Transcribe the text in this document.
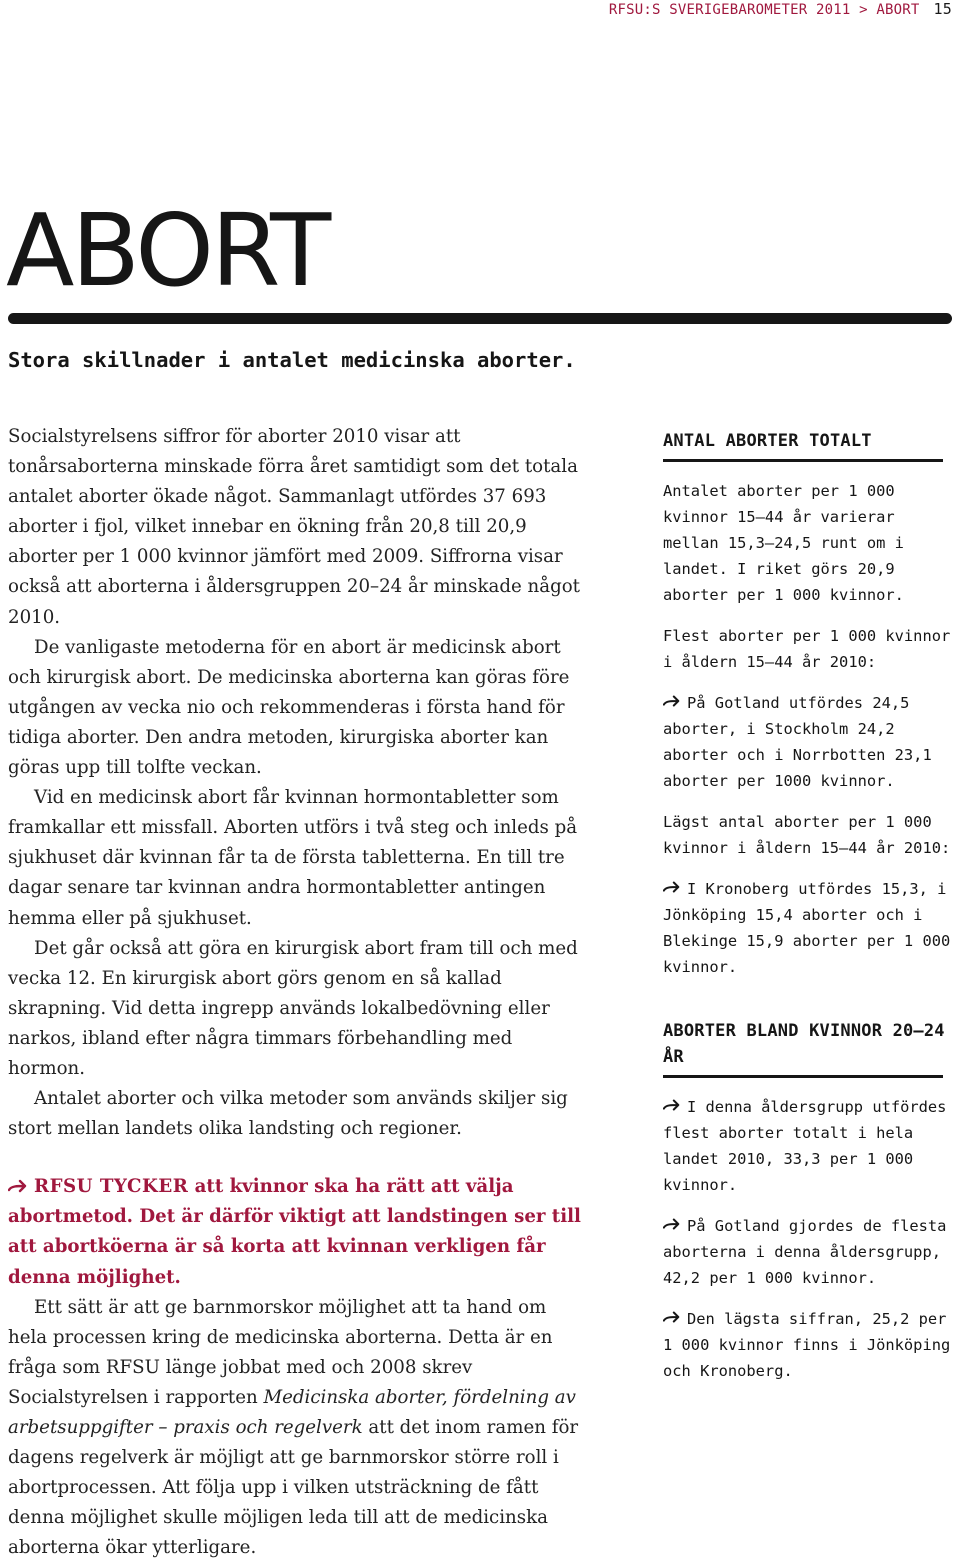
RFSU:S SVERIGEBAROMETER 2011 > ABORT 15
ABORT
Stora skillnader i antalet medicinska aborter.

Socialstyrelsens siffror för aborter 2010 visar att tonårsaborterna minskade förra året samtidigt som det totala antalet aborter ökade något. Sammanlagt utfördes 37 693 aborter i fjol, vilket innebar en ökning från 20,8 till 20,9 aborter per 1 000 kvinnor jämfört med 2009. Siffrorna visar också att aborterna i åldersgruppen 20–24 år minskade något 2010.

De vanligaste metoderna för en abort är medicinsk abort och kirurgisk abort. De medicinska aborterna kan göras före utgången av vecka nio och rekommenderas i första hand för tidiga aborter. Den andra metoden, kirurgiska aborter kan göras upp till tolfte veckan.

Vid en medicinsk abort får kvinnan hormontabletter som framkallar ett missfall. Aborten utförs i två steg och inleds på sjukhuset där kvinnan får ta de första tabletterna. En till tre dagar senare tar kvinnan andra hormontabletter antingen hemma eller på sjukhuset.

Det går också att göra en kirurgisk abort fram till och med vecka 12. En kirurgisk abort görs genom en så kallad skrapning. Vid detta ingrepp används lokalbedövning eller narkos, ibland efter några timmars förbehandling med hormon.

Antalet aborter och vilka metoder som används skiljer sig stort mellan landets olika landsting och regioner.

RFSU TYCKER att kvinnor ska ha rätt att välja abortmetod. Det är därför viktigt att landstingen ser till att abortköerna är så korta att kvinnan verkligen får denna möjlighet.

Ett sätt är att ge barnmorskor möjlighet att ta hand om hela processen kring de medicinska aborterna. Detta är en fråga som RFSU länge jobbat med och 2008 skrev Socialstyrelsen i rapporten Medicinska aborter, fördelning av arbetsuppgifter – praxis och regelverk att det inom ramen för dagens regelverk är möjligt att ge barnmorskor större roll i abortprocessen. Att följa upp i vilken utsträckning de fått denna möjlighet skulle möjligen leda till att de medicinska aborterna ökar ytterligare.

ANTAL ABORTER TOTALT

Antalet aborter per 1 000 kvinnor 15–44 år varierar mellan 15,3–24,5 runt om i landet. I riket görs 20,9 aborter per 1 000 kvinnor.

Flest aborter per 1 000 kvinnor i åldern 15–44 år 2010:

På Gotland utfördes 24,5 aborter, i Stockholm 24,2 aborter och i Norrbotten 23,1 aborter per 1000 kvinnor.

Lägst antal aborter per 1 000 kvinnor i åldern 15–44 år 2010:

I Kronoberg utfördes 15,3, i Jönköping 15,4 aborter och i Blekinge 15,9 aborter per 1 000 kvinnor.

ABORTER BLAND KVINNOR 20–24 ÅR

I denna åldersgrupp utfördes flest aborter totalt i hela landet 2010, 33,3 per 1 000 kvinnor.

På Gotland gjordes de flesta aborterna i denna åldersgrupp, 42,2 per 1 000 kvinnor.

Den lägsta siffran, 25,2 per 1 000 kvinnor finns i Jönköping och Kronoberg.
